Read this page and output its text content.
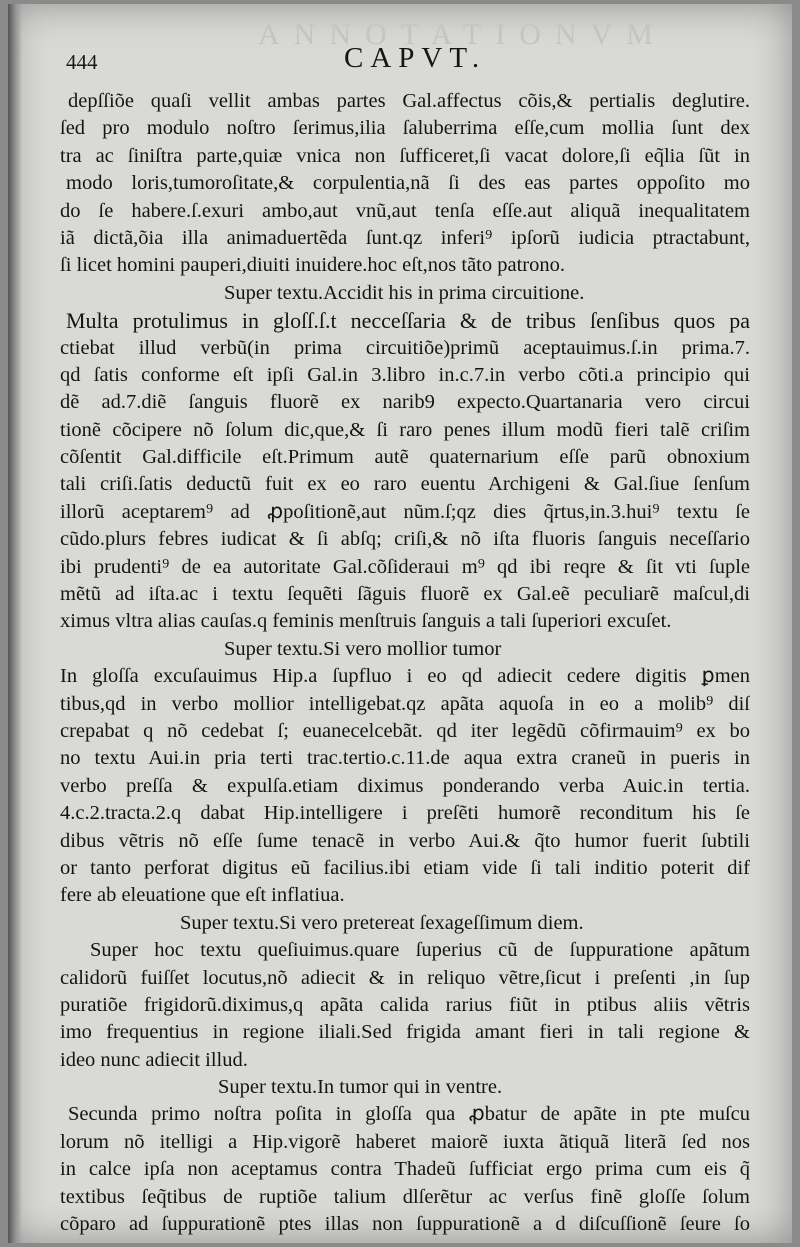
ANNOTATIONVM
444	CAPVT.
depſſiõe quaſi vellit ambas partes Gal.affectus cõis,& pertialis deglutire.
ſed pro modulo noſtro ſerimus,ilia ſaluberrima eſſe,cum mollia ſunt dex
tra ac ſiniſtra parte,quiæ vnica non ſufficeret,ſi vacat dolore,ſi eq̃lia ſũt in
modo loris,tumoroſitate,& corpulentia,nã ſi des eas partes oppoſito mo
do ſe habere.ſ.exuri ambo,aut vnũ,aut tenſa eſſe.aut aliquã inequalitatem
iã dictã,õia illa animaduertẽda ſunt.qz inferi⁹ ipſorũ iudicia ptractabunt,
ſi licet homini pauperi,diuiti inuidere.hoc eſt,nos tãto patrono.
Super textu.Accidit his in prima circuitione.
Multa protulimus in gloſſ.ſ.t necceſſaria & de tribus ſenſibus quos pa
ctiebat illud verbũ(in prima circuitiõe)primũ aceptauimus.ſ.in prima.7.
qd ſatis conforme eſt ipſi Gal.in 3.libro in.c.7.in verbo cõti.a principio qui
dẽ ad.7.diẽ ſanguis fluorẽ ex narib9 expecto.Quartanaria vero circui
tionẽ cõcipere nõ ſolum dic,que,& ſi raro penes illum modũ fieri talẽ criſim
cõſentit Gal.difficile eſt.Primum autẽ quaternarium eſſe parũ obnoxium
tali criſi.ſatis deductũ fuit ex eo raro euentu Archigeni & Gal.ſiue ſenſum
illorũ aceptarem⁹ ad ꝓpoſitionẽ,aut nũm.ſ;qz dies q̃rtus,in.3.hui⁹ textu ſe
cũdo.plurs febres iudicat & ſi abſq; criſi,& nõ iſta fluoris ſanguis neceſſario
ibi prudenti⁹ de ea autoritate Gal.cõſideraui m⁹ qd ibi reqre & ſit vti ſuple
mẽtũ ad iſta.ac i textu ſequẽti ſãguis fluorẽ ex Gal.eẽ peculiarẽ maſcul,di
ximus vltra alias cauſas.q feminis menſtruis ſanguis a tali ſuperiori excuſet.
Super textu.Si vero mollior tumor
In gloſſa excuſauimus Hip.a ſupfluo i eo qd adiecit cedere digitis ꝑmen
tibus,qd in verbo mollior intelligebat.qz apãta aquoſa in eo a molib⁹ diſ
crepabat q nõ cedebat ſ; euanecelcebãt. qd iter legẽdũ cõfirmauim⁹ ex bo
no textu Aui.in pria terti trac.tertio.c.11.de aqua extra craneũ in pueris in
verbo preſſa & expulſa.etiam diximus ponderando verba Auic.in tertia.
4.c.2.tracta.2.q dabat Hip.intelligere i preſẽti humorẽ reconditum his ſe
dibus vẽtris nõ eſſe ſume tenacẽ in verbo Aui.& q̃to humor fuerit ſubtili
or tanto perforat digitus eũ facilius.ibi etiam vide ſi tali inditio poterit dif
fere ab eleuatione que eſt inflatiua.
Super textu.Si vero pretereat ſexageſſimum diem.
Super hoc textu queſiuimus.quare ſuperius cũ de ſuppuratione apãtum
calidorũ fuiſſet locutus,nõ adiecit & in reliquo vẽtre,ſicut i preſenti ,in ſup
puratiõe frigidorũ.diximus,q apãta calida rarius fiũt in ptibus aliis vẽtris
imo frequentius in regione iliali.Sed frigida amant fieri in tali regione &
ideo nunc adiecit illud.
Super textu.In tumor qui in ventre.
Secunda primo noſtra poſita in gloſſa qua ꝓbatur de apãte in pte muſcu
lorum nõ itelligi a Hip.vigorẽ haberet maiorẽ iuxta ãtiquã literã ſed nos
in calce ipſa non aceptamus contra Thadeũ ſufficiat ergo prima cum eis q̃
textibus ſeq̃tibus de ruptiõe talium dlſerẽtur ac verſus finẽ gloſſe ſolum
cõparo ad ſuppurationẽ ptes illas non ſuppurationẽ a d diſcuſſionẽ ſeure ſo
